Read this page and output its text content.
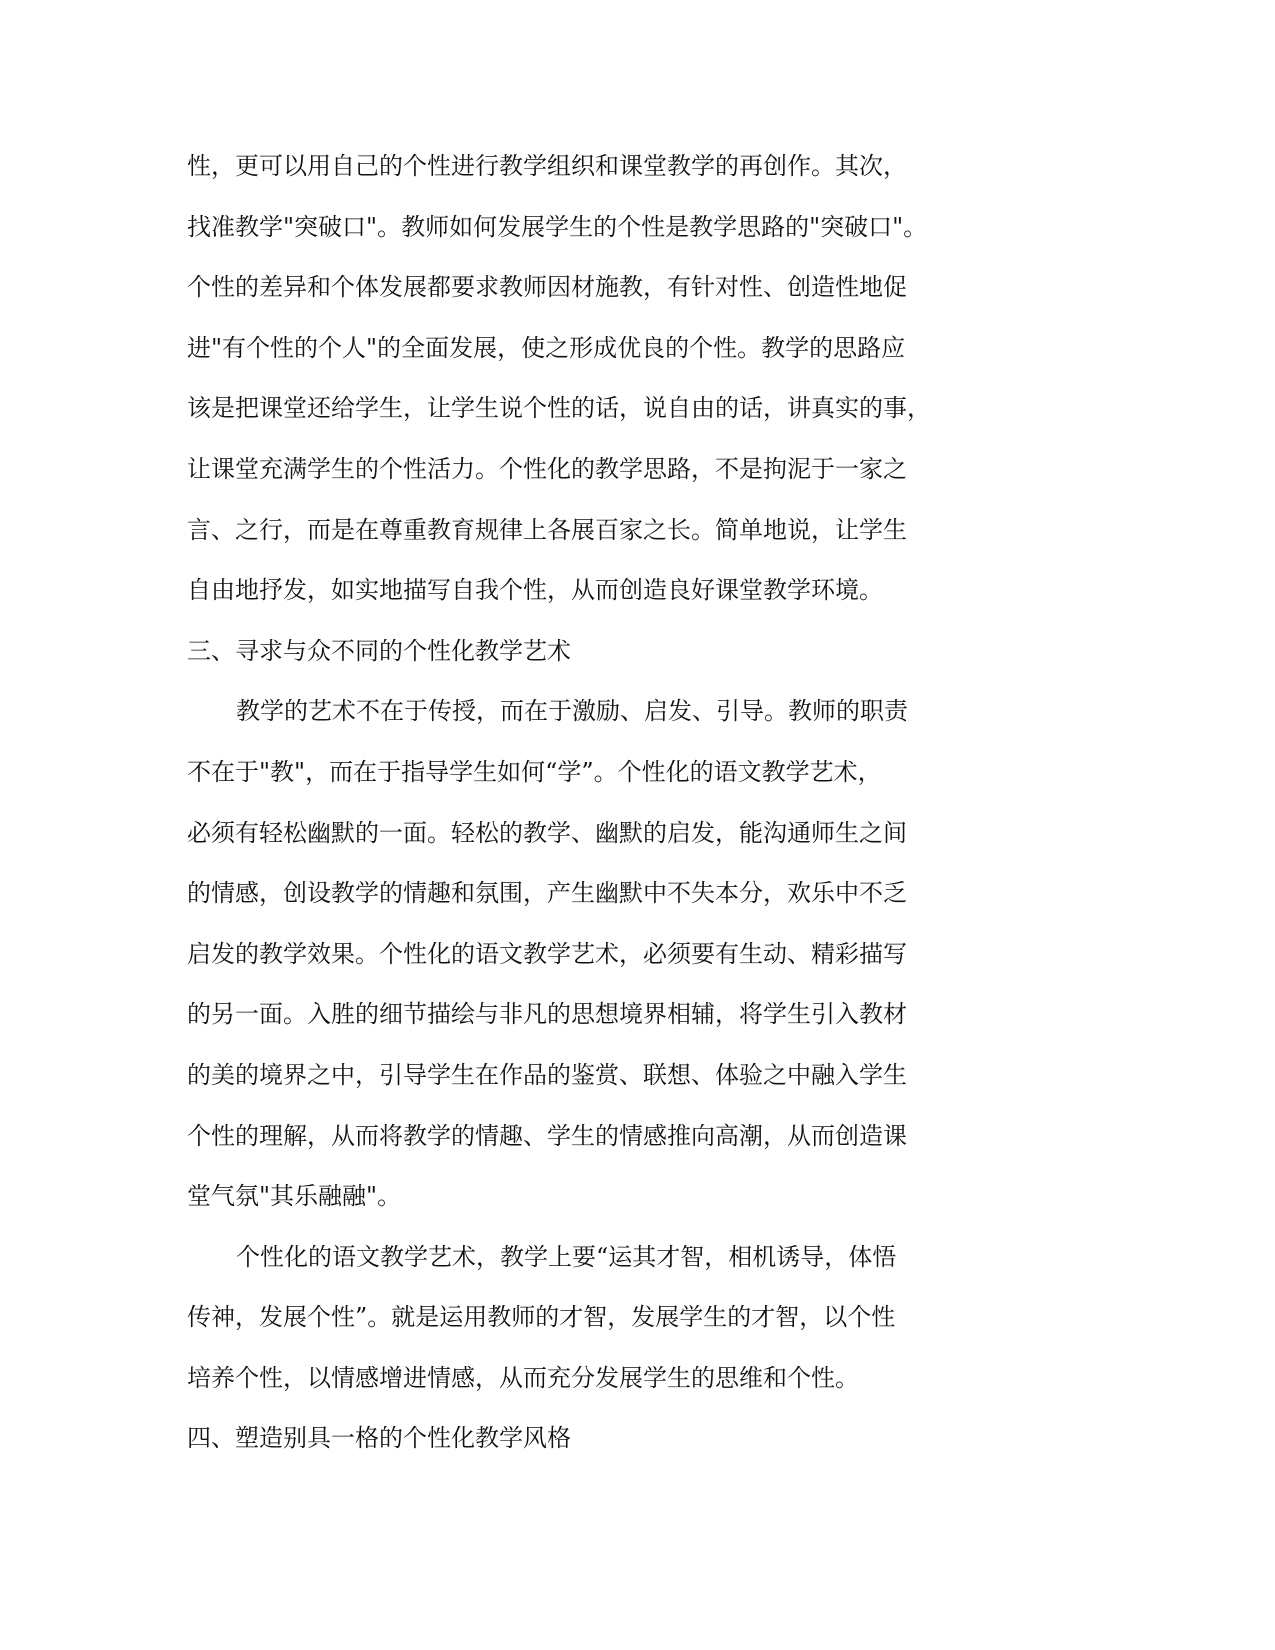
性，更可以用自己的个性进行教学组织和课堂教学的再创作。其次，
找准教学"突破口"。教师如何发展学生的个性是教学思路的"突破口"。
个性的差异和个体发展都要求教师因材施教，有针对性、创造性地促
进"有个性的个人"的全面发展，使之形成优良的个性。教学的思路应
该是把课堂还给学生，让学生说个性的话，说自由的话，讲真实的事，
让课堂充满学生的个性活力。个性化的教学思路，不是拘泥于一家之
言、之行，而是在尊重教育规律上各展百家之长。简单地说，让学生
自由地抒发，如实地描写自我个性，从而创造良好课堂教学环境。
三、寻求与众不同的个性化教学艺术
教学的艺术不在于传授，而在于激励、启发、引导。教师的职责
不在于"教"，而在于指导学生如何“学”。个性化的语文教学艺术，
必须有轻松幽默的一面。轻松的教学、幽默的启发，能沟通师生之间
的情感，创设教学的情趣和氛围，产生幽默中不失本分，欢乐中不乏
启发的教学效果。个性化的语文教学艺术，必须要有生动、精彩描写
的另一面。入胜的细节描绘与非凡的思想境界相辅，将学生引入教材
的美的境界之中，引导学生在作品的鉴赏、联想、体验之中融入学生
个性的理解，从而将教学的情趣、学生的情感推向高潮，从而创造课
堂气氛"其乐融融"。
个性化的语文教学艺术，教学上要“运其才智，相机诱导，体悟
传神，发展个性”。就是运用教师的才智，发展学生的才智，以个性
培养个性，以情感增进情感，从而充分发展学生的思维和个性。
四、塑造别具一格的个性化教学风格
